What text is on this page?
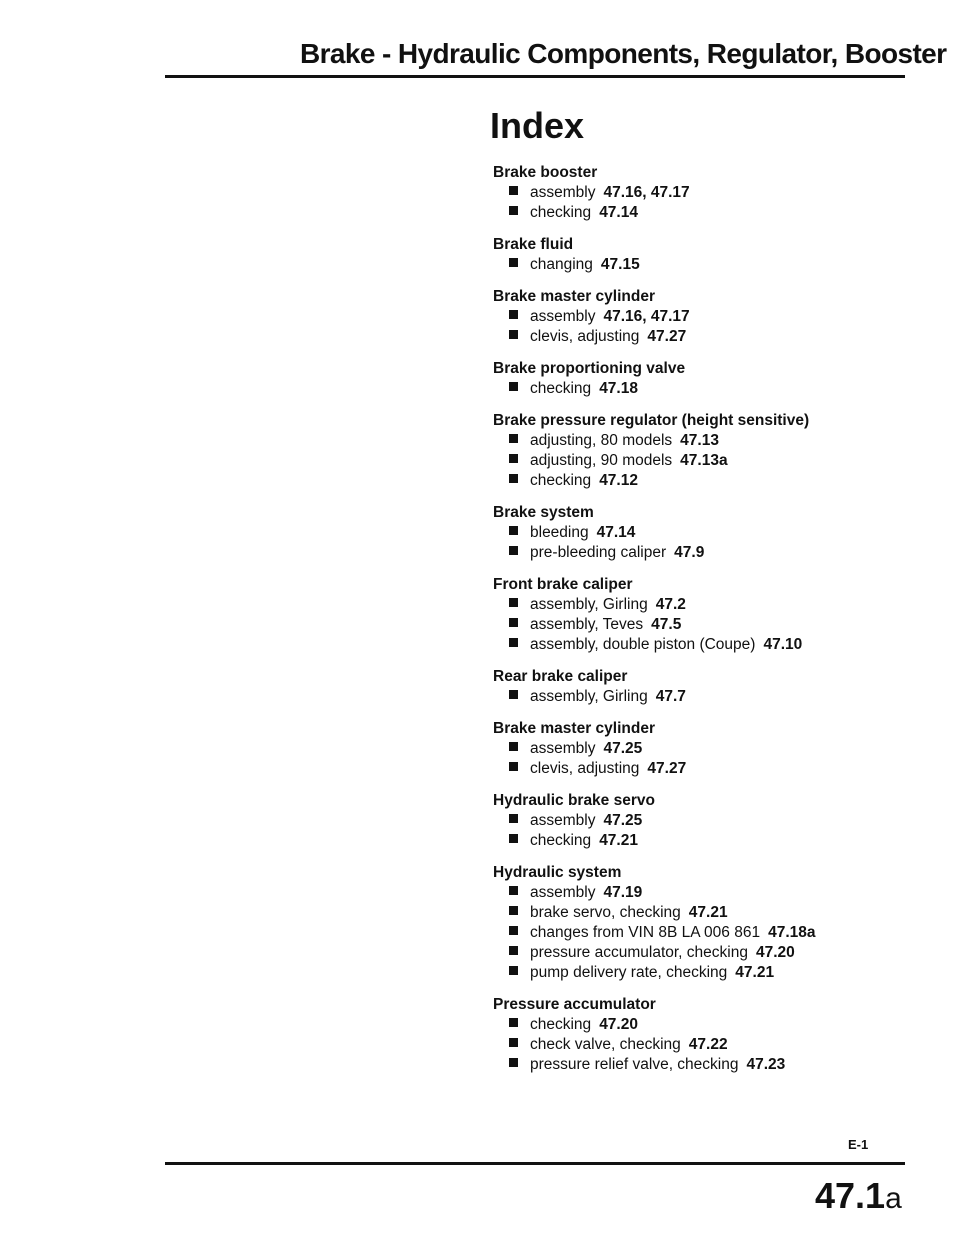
Brake - Hydraulic Components, Regulator, Booster
Index
Brake booster
assembly 47.16, 47.17
checking 47.14
Brake fluid
changing 47.15
Brake master cylinder
assembly 47.16, 47.17
clevis, adjusting 47.27
Brake proportioning valve
checking 47.18
Brake pressure regulator (height sensitive)
adjusting, 80 models 47.13
adjusting, 90 models 47.13a
checking 47.12
Brake system
bleeding 47.14
pre-bleeding caliper 47.9
Front brake caliper
assembly, Girling 47.2
assembly, Teves 47.5
assembly, double piston (Coupe) 47.10
Rear brake caliper
assembly, Girling 47.7
Brake master cylinder
assembly 47.25
clevis, adjusting 47.27
Hydraulic brake servo
assembly 47.25
checking 47.21
Hydraulic system
assembly 47.19
brake servo, checking 47.21
changes from VIN 8B LA 006 861 47.18a
pressure accumulator, checking 47.20
pump delivery rate, checking 47.21
Pressure accumulator
checking 47.20
check valve, checking 47.22
pressure relief valve, checking 47.23
E-1
47.1a
